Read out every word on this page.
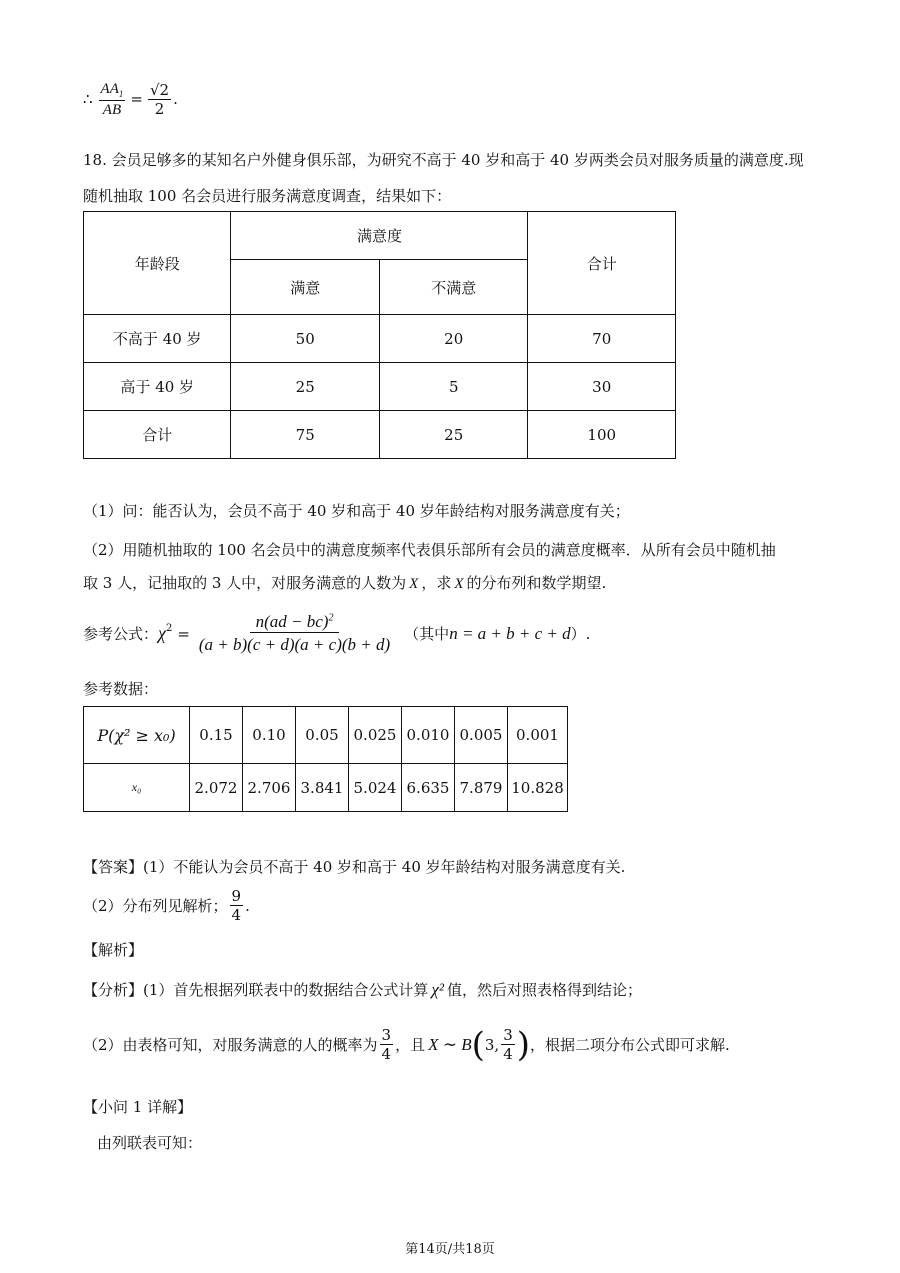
∴ $\frac{AA_1}{AB} = \frac{√2}{2}$ .
18. 会员足够多的某知名户外健身俱乐部，为研究不高于 40 岁和高于 40 岁两类会员对服务质量的满意度.现
随机抽取 100 名会员进行服务满意度调查，结果如下：
年龄段	满意度		合计
	满意	不满意	
不高于 40 岁	50	20	70
高于 40 岁	25	5	30
合计	75	25	100
（1）问：能否认为，会员不高于 40 岁和高于 40 岁年龄结构对服务满意度有关；
（2）用随机抽取的 100 名会员中的满意度频率代表俱乐部所有会员的满意度概率．从所有会员中随机抽
取 3 人，记抽取的 3 人中，对服务满意的人数为 X ，求 X 的分布列和数学期望.
参考公式： $\chi^2 = \frac{n(ad - bc)^2}{(a + b)(c + d)(a + c)(b + d)}$ （其中 n = a + b + c + d ）.
参考数据：
P(χ² ≥ x₀)	0.15	0.10	0.05	0.025	0.010	0.005	0.001
x₀	2.072	2.706	3.841	5.024	6.635	7.879	10.828
【答案】(1）不能认为会员不高于 40 岁和高于 40 岁年龄结构对服务满意度有关.
（2）分布列见解析； $\frac{9}{4}$ .
【解析】
【分析】(1）首先根据列联表中的数据结合公式计算 χ² 值，然后对照表格得到结论；
（2）由表格可知，对服务满意的人的概率为 $\frac{3}{4}$ ，且 X ∼ B ( 3, $\frac{3}{4}$ ) ，根据二项分布公式即可求解.
【小问 1 详解】
由列联表可知：
第14页/共18页
